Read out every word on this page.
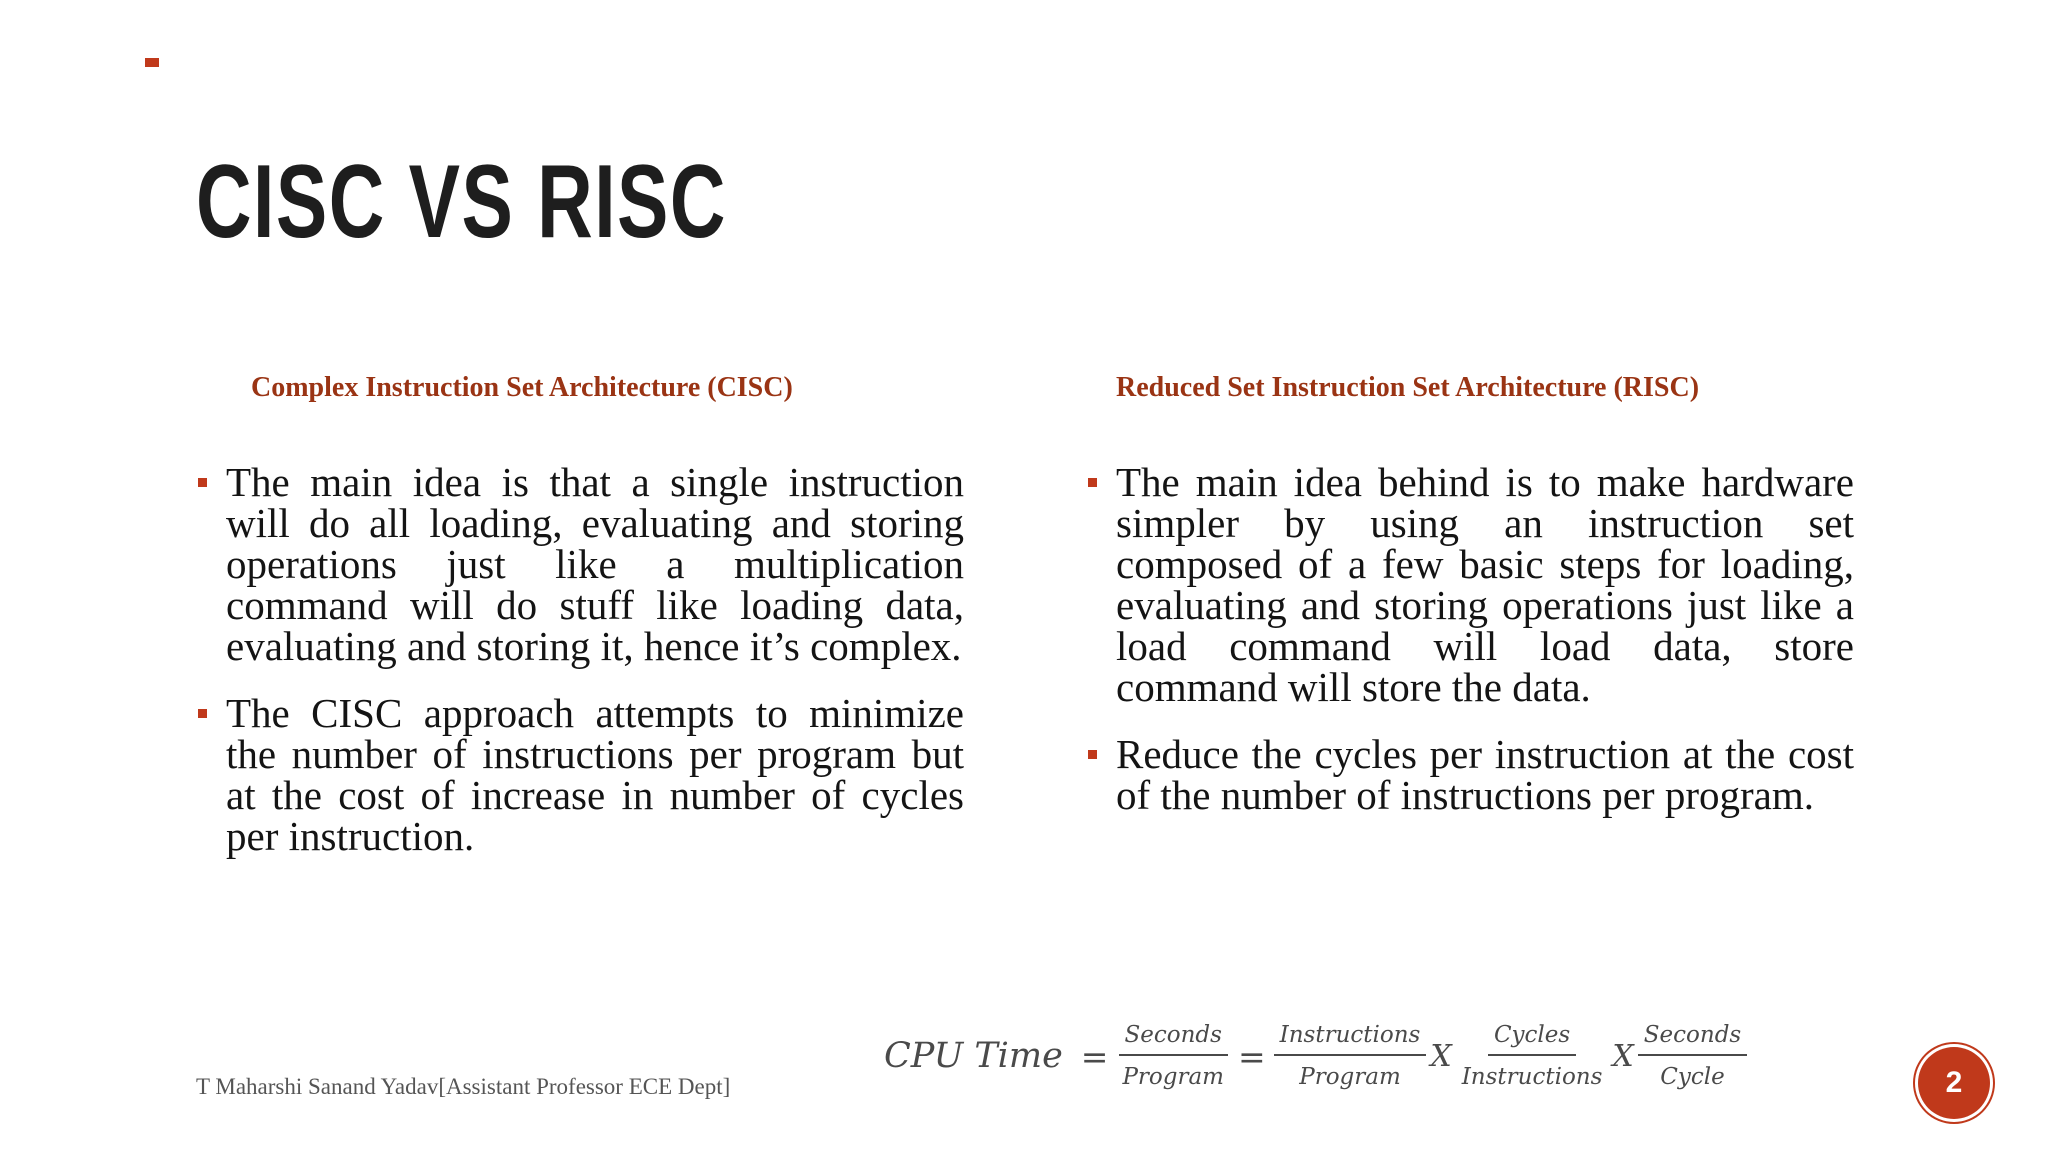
CISC VS RISC
Complex Instruction Set Architecture (CISC)	Reduced Set Instruction Set Architecture (RISC)
The main idea is that a single instruction will do all loading, evaluating and storing operations just like a multiplication command will do stuff like loading data, evaluating and storing it, hence it’s complex.
The CISC approach attempts to minimize the number of instructions per program but at the cost of increase in number of cycles per instruction.
The main idea behind is to make hardware simpler by using an instruction set composed of a few basic steps for loading, evaluating and storing operations just like a load command will load data, store command will store the data.
Reduce the cycles per instruction at the cost of the number of instructions per program.
T Maharshi Sanand Yadav[Assistant Professor ECE Dept]
CPU Time = $\frac{\text{Seconds}}{\text{Program}} = \frac{\text{Instructions}}{\text{Program}}$ X $\frac{\text{Cycles}}{\text{Instructions}}$ X $\frac{\text{Seconds}}{\text{Cycle}}$	2
